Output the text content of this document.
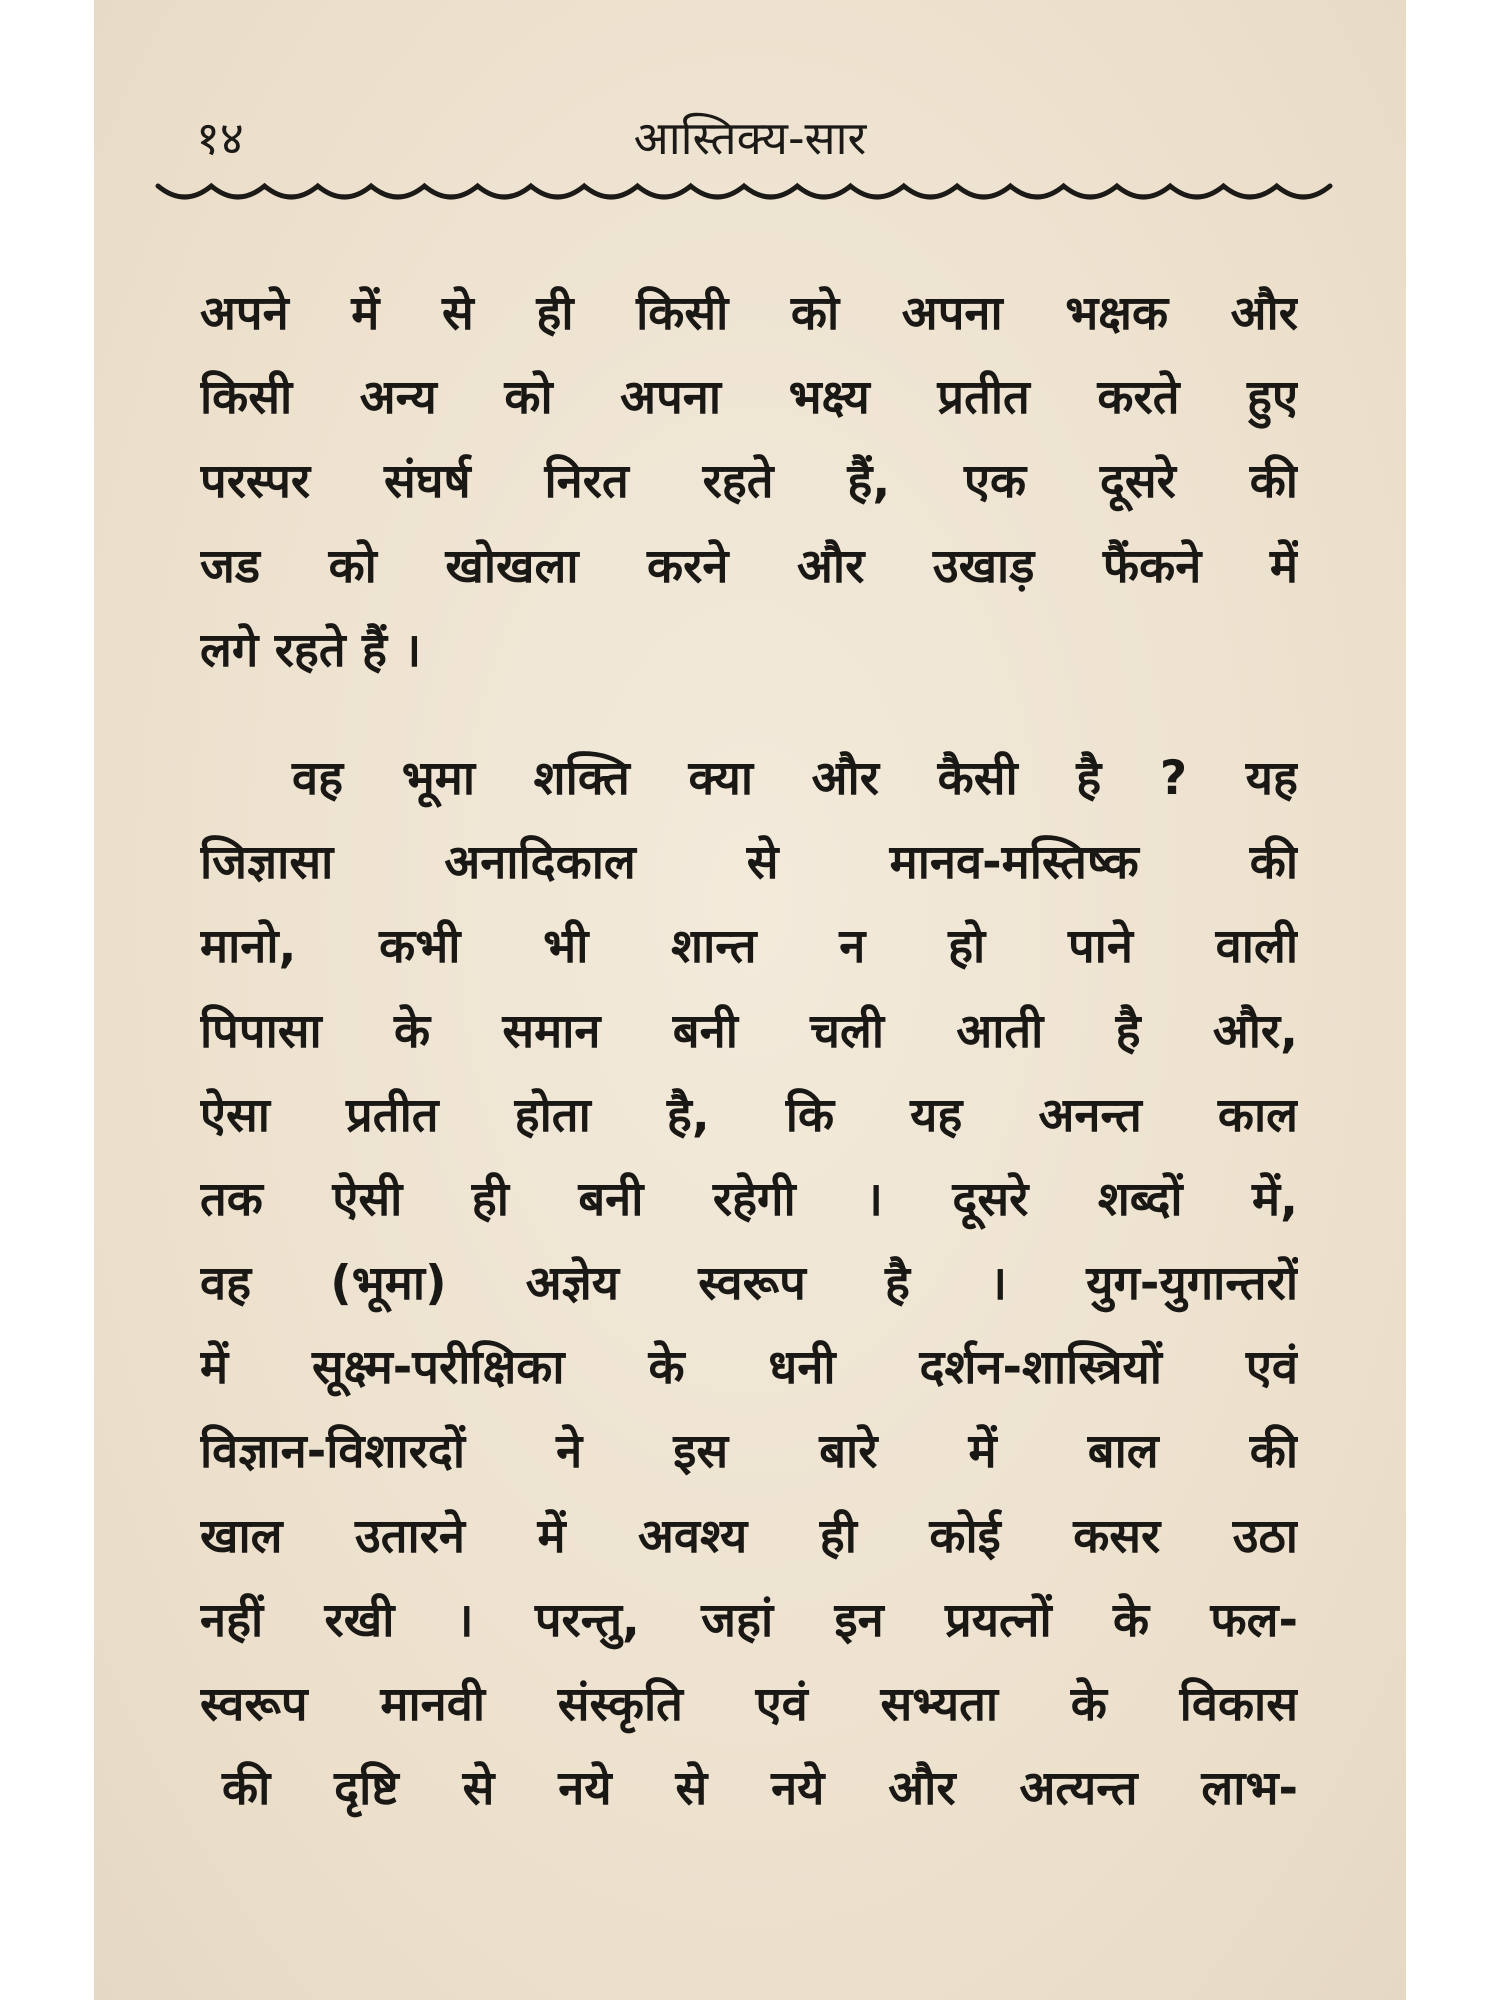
१४	आस्तिक्य-सार
अपने में से ही किसी को अपना भक्षक और
किसी अन्य को अपना भक्ष्य प्रतीत करते हुए
परस्पर संघर्ष निरत रहते हैं, एक दूसरे की
जड को खोखला करने और उखाड़ फैंकने में
लगे रहते हैं ।
वह भूमा शक्ति क्या और कैसी है ? यह
जिज्ञासा अनादिकाल से मानव-मस्तिष्क की
मानो, कभी भी शान्त न हो पाने वाली
पिपासा के समान बनी चली आती है और,
ऐसा प्रतीत होता है, कि यह अनन्त काल
तक ऐसी ही बनी रहेगी । दूसरे शब्दों में,
वह (भूमा) अज्ञेय स्वरूप है । युग-युगान्तरों
में सूक्ष्म-परीक्षिका के धनी दर्शन-शास्त्रियों एवं
विज्ञान-विशारदों ने इस बारे में बाल की
खाल उतारने में अवश्य ही कोई कसर उठा
नहीं रखी । परन्तु, जहां इन प्रयत्नों के फल-
स्वरूप मानवी संस्कृति एवं सभ्यता के विकास
की दृष्टि से नये से नये और अत्यन्त लाभ-
